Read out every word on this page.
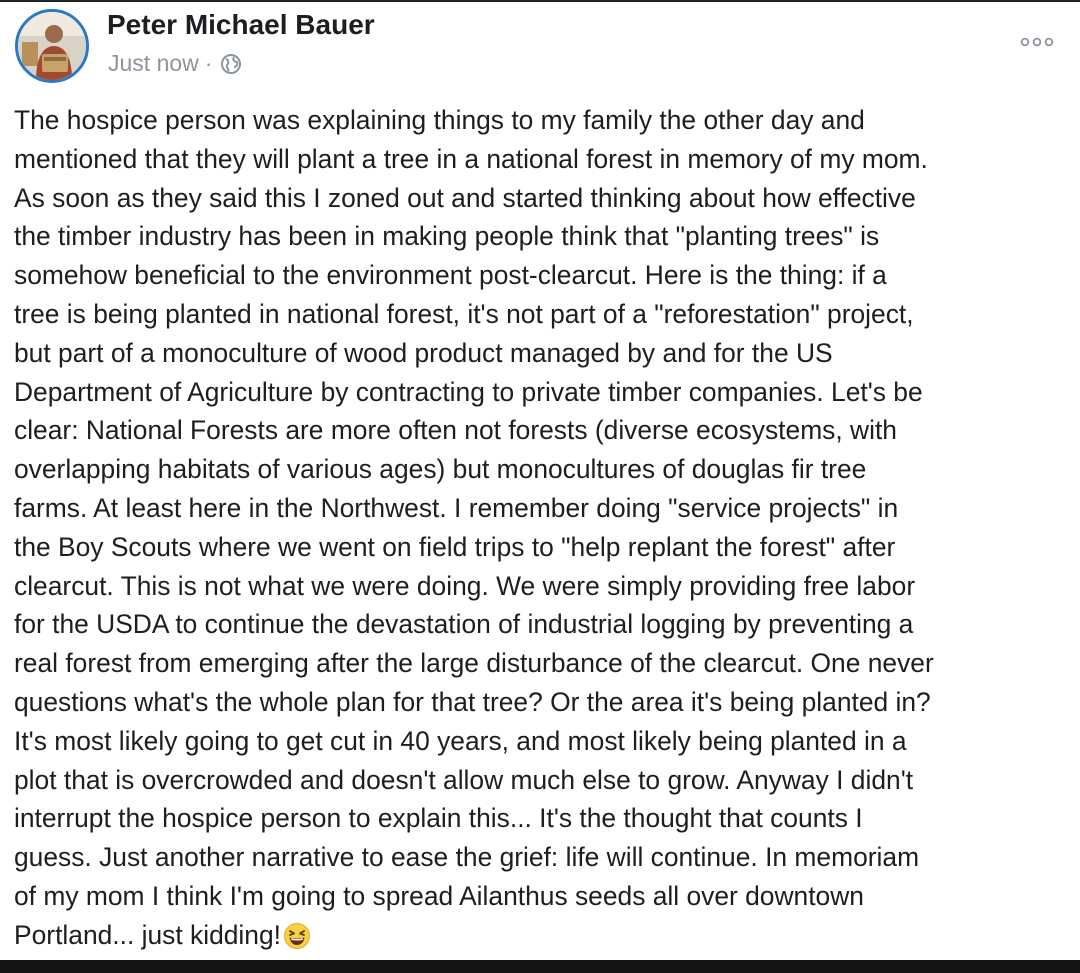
Peter Michael Bauer
Just now ·

The hospice person was explaining things to my family the other day and
mentioned that they will plant a tree in a national forest in memory of my mom.
As soon as they said this I zoned out and started thinking about how effective
the timber industry has been in making people think that "planting trees" is
somehow beneficial to the environment post-clearcut. Here is the thing: if a
tree is being planted in national forest, it's not part of a "reforestation" project,
but part of a monoculture of wood product managed by and for the US
Department of Agriculture by contracting to private timber companies. Let's be
clear: National Forests are more often not forests (diverse ecosystems, with
overlapping habitats of various ages) but monocultures of douglas fir tree
farms. At least here in the Northwest. I remember doing "service projects" in
the Boy Scouts where we went on field trips to "help replant the forest" after
clearcut. This is not what we were doing. We were simply providing free labor
for the USDA to continue the devastation of industrial logging by preventing a
real forest from emerging after the large disturbance of the clearcut. One never
questions what's the whole plan for that tree? Or the area it's being planted in?
It's most likely going to get cut in 40 years, and most likely being planted in a
plot that is overcrowded and doesn't allow much else to grow. Anyway I didn't
interrupt the hospice person to explain this... It's the thought that counts I
guess. Just another narrative to ease the grief: life will continue. In memoriam
of my mom I think I'm going to spread Ailanthus seeds all over downtown
Portland... just kidding!
